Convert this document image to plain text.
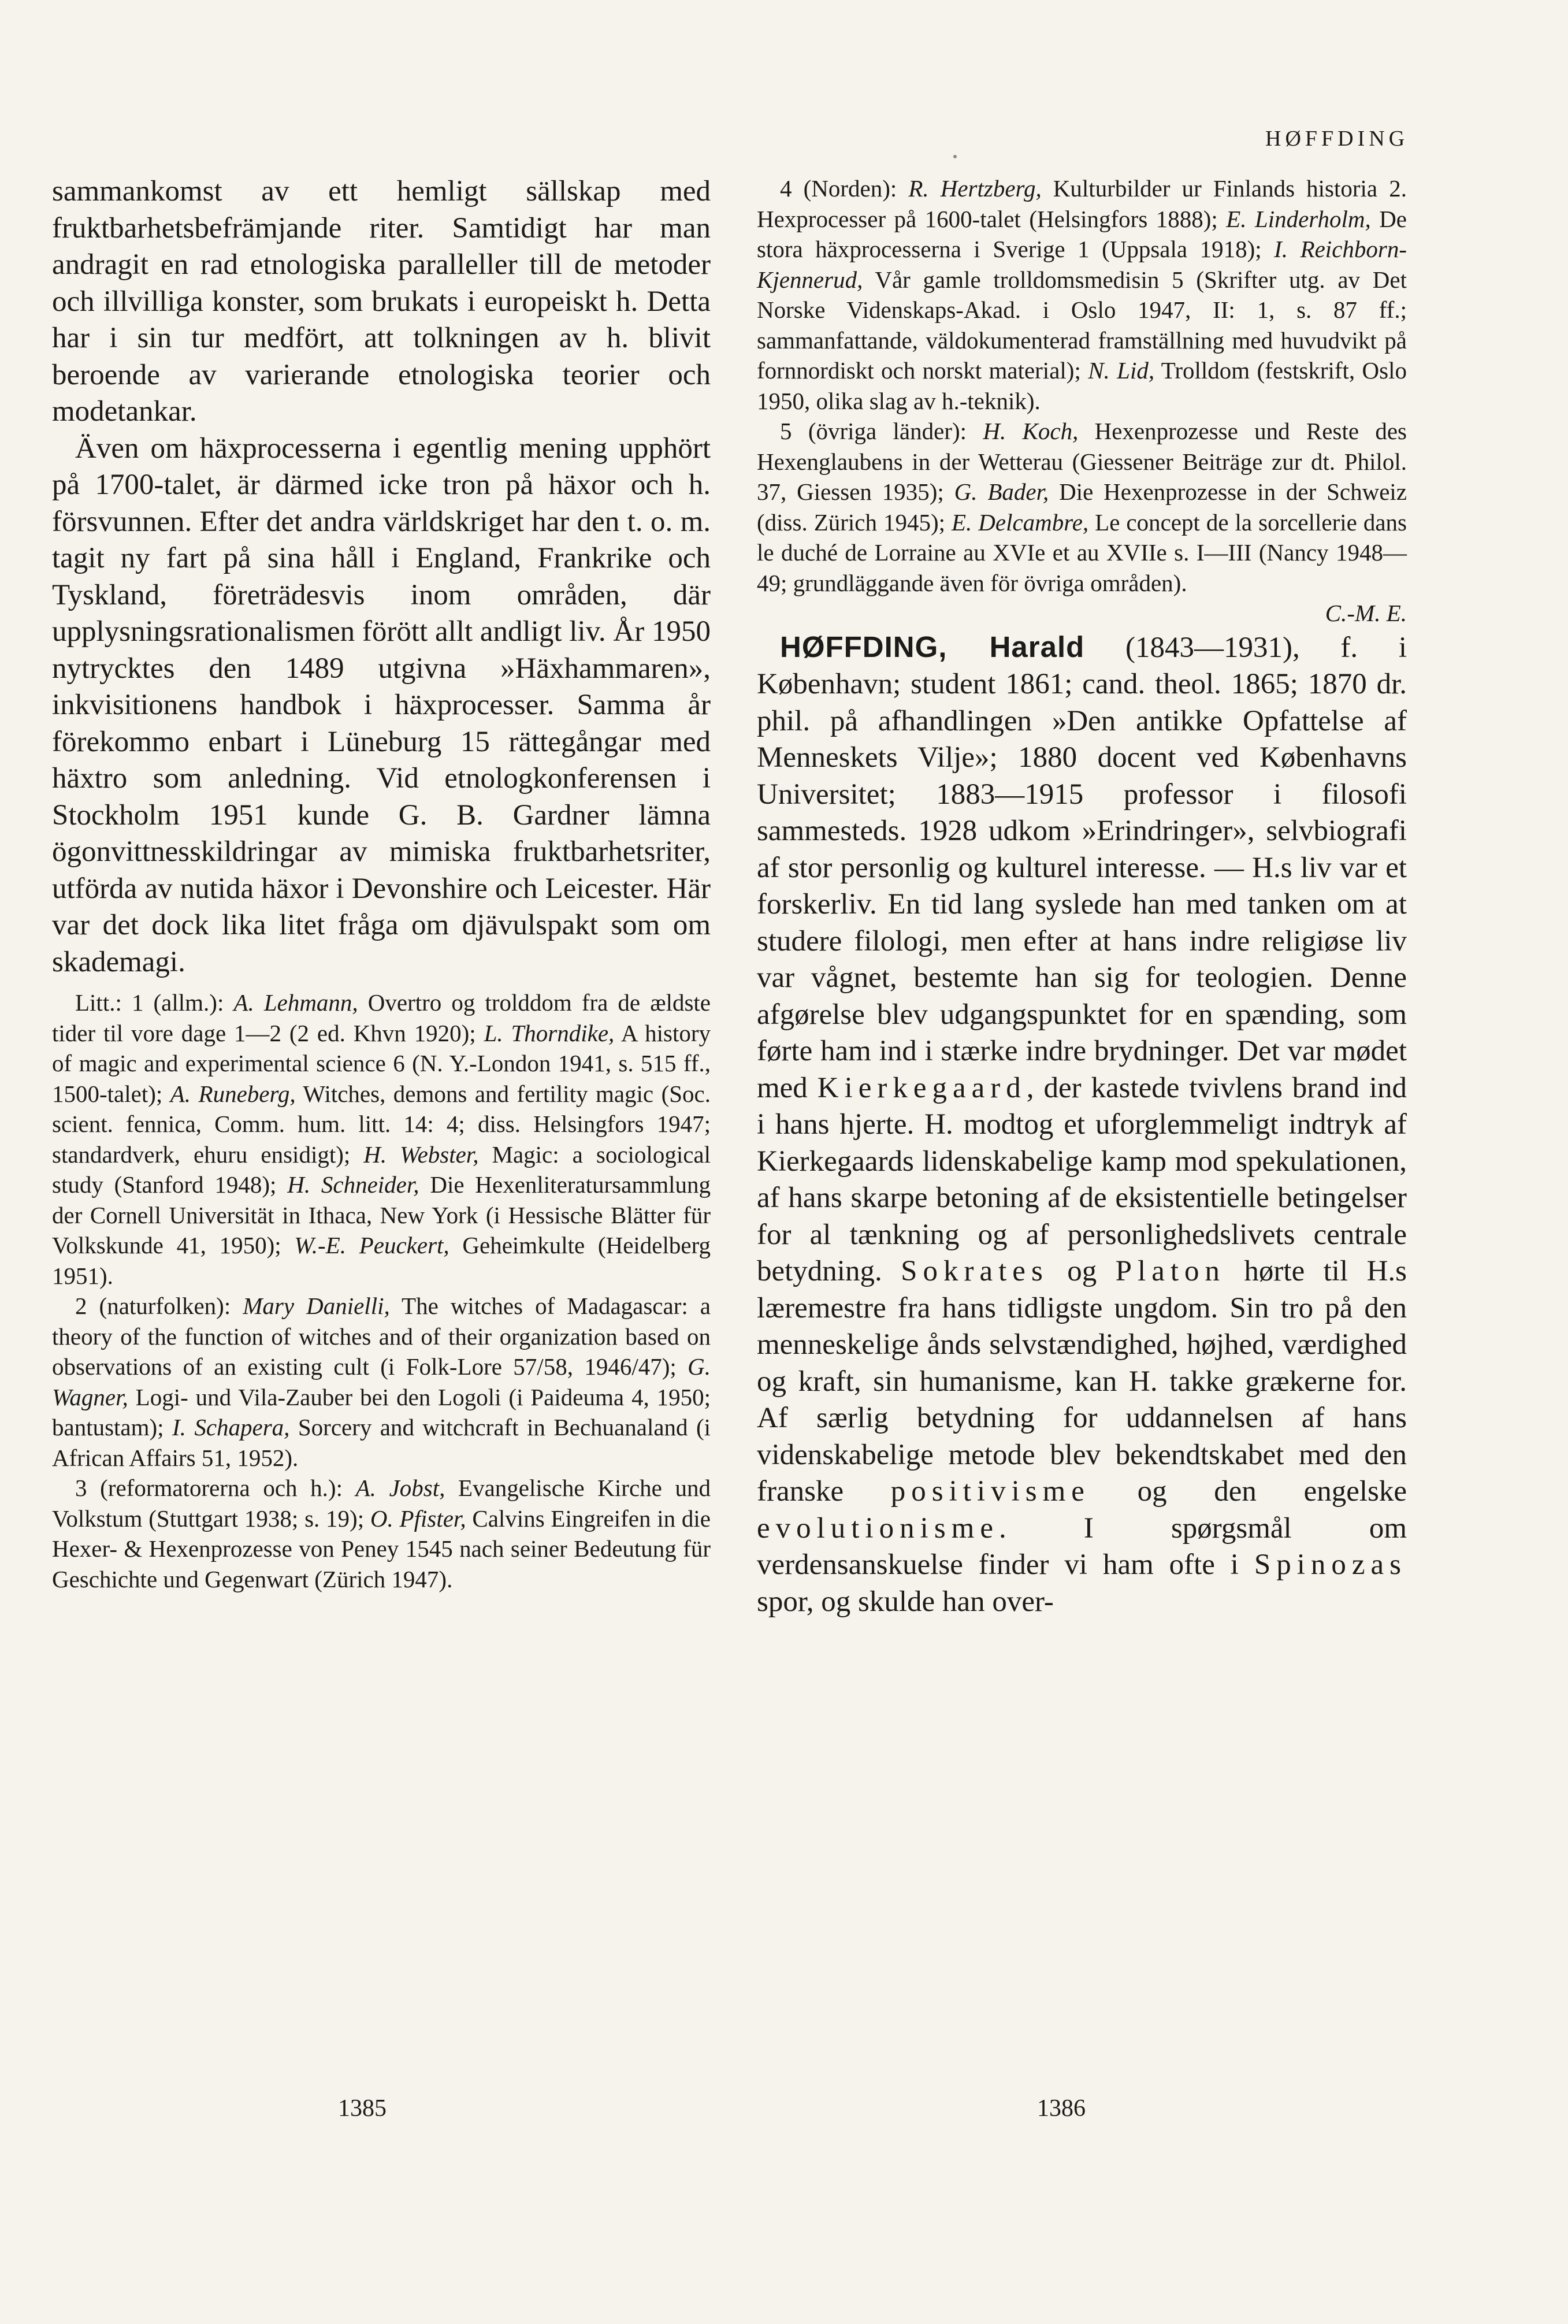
HØFFDING

sammankomst av ett hemligt sällskap med fruktbarhetsbefrämjande riter. Samtidigt har man andragit en rad etnologiska paralleller till de metoder och illvilliga konster, som brukats i europeiskt h. Detta har i sin tur medfört, att tolkningen av h. blivit beroende av varierande etnologiska teorier och modetankar.

Även om häxprocesserna i egentlig mening upphört på 1700-talet, är därmed icke tron på häxor och h. försvunnen. Efter det andra världskriget har den t. o. m. tagit ny fart på sina håll i England, Frankrike och Tyskland, företrädesvis inom områden, där upplysningsrationalismen förött allt andligt liv. År 1950 nytrycktes den 1489 utgivna »Häxhammaren», inkvisitionens handbok i häxprocesser. Samma år förekommo enbart i Lüneburg 15 rättegångar med häxtro som anledning. Vid etnologkonferensen i Stockholm 1951 kunde G. B. Gardner lämna ögonvittnesskildringar av mimiska fruktbarhetsriter, utförda av nutida häxor i Devonshire och Leicester. Här var det dock lika litet fråga om djävulspakt som om skademagi.

Litt.: 1 (allm.): A. Lehmann, Overtro og trolddom fra de ældste tider til vore dage 1—2 (2 ed. Khvn 1920); L. Thorndike, A history of magic and experimental science 6 (N. Y.-London 1941, s. 515 ff., 1500-talet); A. Runeberg, Witches, demons and fertility magic (Soc. scient. fennica, Comm. hum. litt. 14: 4; diss. Helsingfors 1947; standardverk, ehuru ensidigt); H. Webster, Magic: a sociological study (Stanford 1948); H. Schneider, Die Hexenliteratursammlung der Cornell Universität in Ithaca, New York (i Hessische Blätter für Volkskunde 41, 1950); W.-E. Peuckert, Geheimkulte (Heidelberg 1951).

2 (naturfolken): Mary Danielli, The witches of Madagascar: a theory of the function of witches and of their organization based on observations of an existing cult (i Folk-Lore 57/58, 1946/47); G. Wagner, Logi- und Vila-Zauber bei den Logoli (i Paideuma 4, 1950; bantustam); I. Schapera, Sorcery and witchcraft in Bechuanaland (i African Affairs 51, 1952).

3 (reformatorerna och h.): A. Jobst, Evangelische Kirche und Volkstum (Stuttgart 1938; s. 19); O. Pfister, Calvins Eingreifen in die Hexer- & Hexenprozesse von Peney 1545 nach seiner Bedeutung für Geschichte und Gegenwart (Zürich 1947).

4 (Norden): R. Hertzberg, Kulturbilder ur Finlands historia 2. Hexprocesser på 1600-talet (Helsingfors 1888); E. Linderholm, De stora häxprocesserna i Sverige 1 (Uppsala 1918); I. Reichborn-Kjennerud, Vår gamle trolldomsmedisin 5 (Skrifter utg. av Det Norske Videnskaps-Akad. i Oslo 1947, II: 1, s. 87 ff.; sammanfattande, väldokumenterad framställning med huvudvikt på fornnordiskt och norskt material); N. Lid, Trolldom (festskrift, Oslo 1950, olika slag av h.-teknik).

5 (övriga länder): H. Koch, Hexenprozesse und Reste des Hexenglaubens in der Wetterau (Giessener Beiträge zur dt. Philol. 37, Giessen 1935); G. Bader, Die Hexenprozesse in der Schweiz (diss. Zürich 1945); E. Delcambre, Le concept de la sorcellerie dans le duché de Lorraine au XVIe et au XVIIe s. I—III (Nancy 1948—49; grundläggande även för övriga områden).

C.-M. E.

HØFFDING, Harald (1843—1931), f. i København; student 1861; cand. theol. 1865; 1870 dr. phil. på afhandlingen »Den antikke Opfattelse af Menneskets Vilje»; 1880 docent ved Københavns Universitet; 1883—1915 professor i filosofi sammesteds. 1928 udkom »Erindringer», selvbiografi af stor personlig og kulturel interesse. — H.s liv var et forskerliv. En tid lang syslede han med tanken om at studere filologi, men efter at hans indre religiøse liv var vågnet, bestemte han sig for teologien. Denne afgørelse blev udgangspunktet for en spænding, som førte ham ind i stærke indre brydninger. Det var mødet med Kierkegaard, der kastede tvivlens brand ind i hans hjerte. H. modtog et uforglemmeligt indtryk af Kierkegaards lidenskabelige kamp mod spekulationen, af hans skarpe betoning af de eksistentielle betingelser for al tænkning og af personlighedslivets centrale betydning. Sokrates og Platon hørte til H.s læremestre fra hans tidligste ungdom. Sin tro på den menneskelige ånds selvstændighed, højhed, værdighed og kraft, sin humanisme, kan H. takke grækerne for. Af særlig betydning for uddannelsen af hans videnskabelige metode blev bekendtskabet med den franske positivisme og den engelske evolutionisme. I spørgsmål om verdensanskuelse finder vi ham ofte i Spinozas spor, og skulde han over-

1385	1386
